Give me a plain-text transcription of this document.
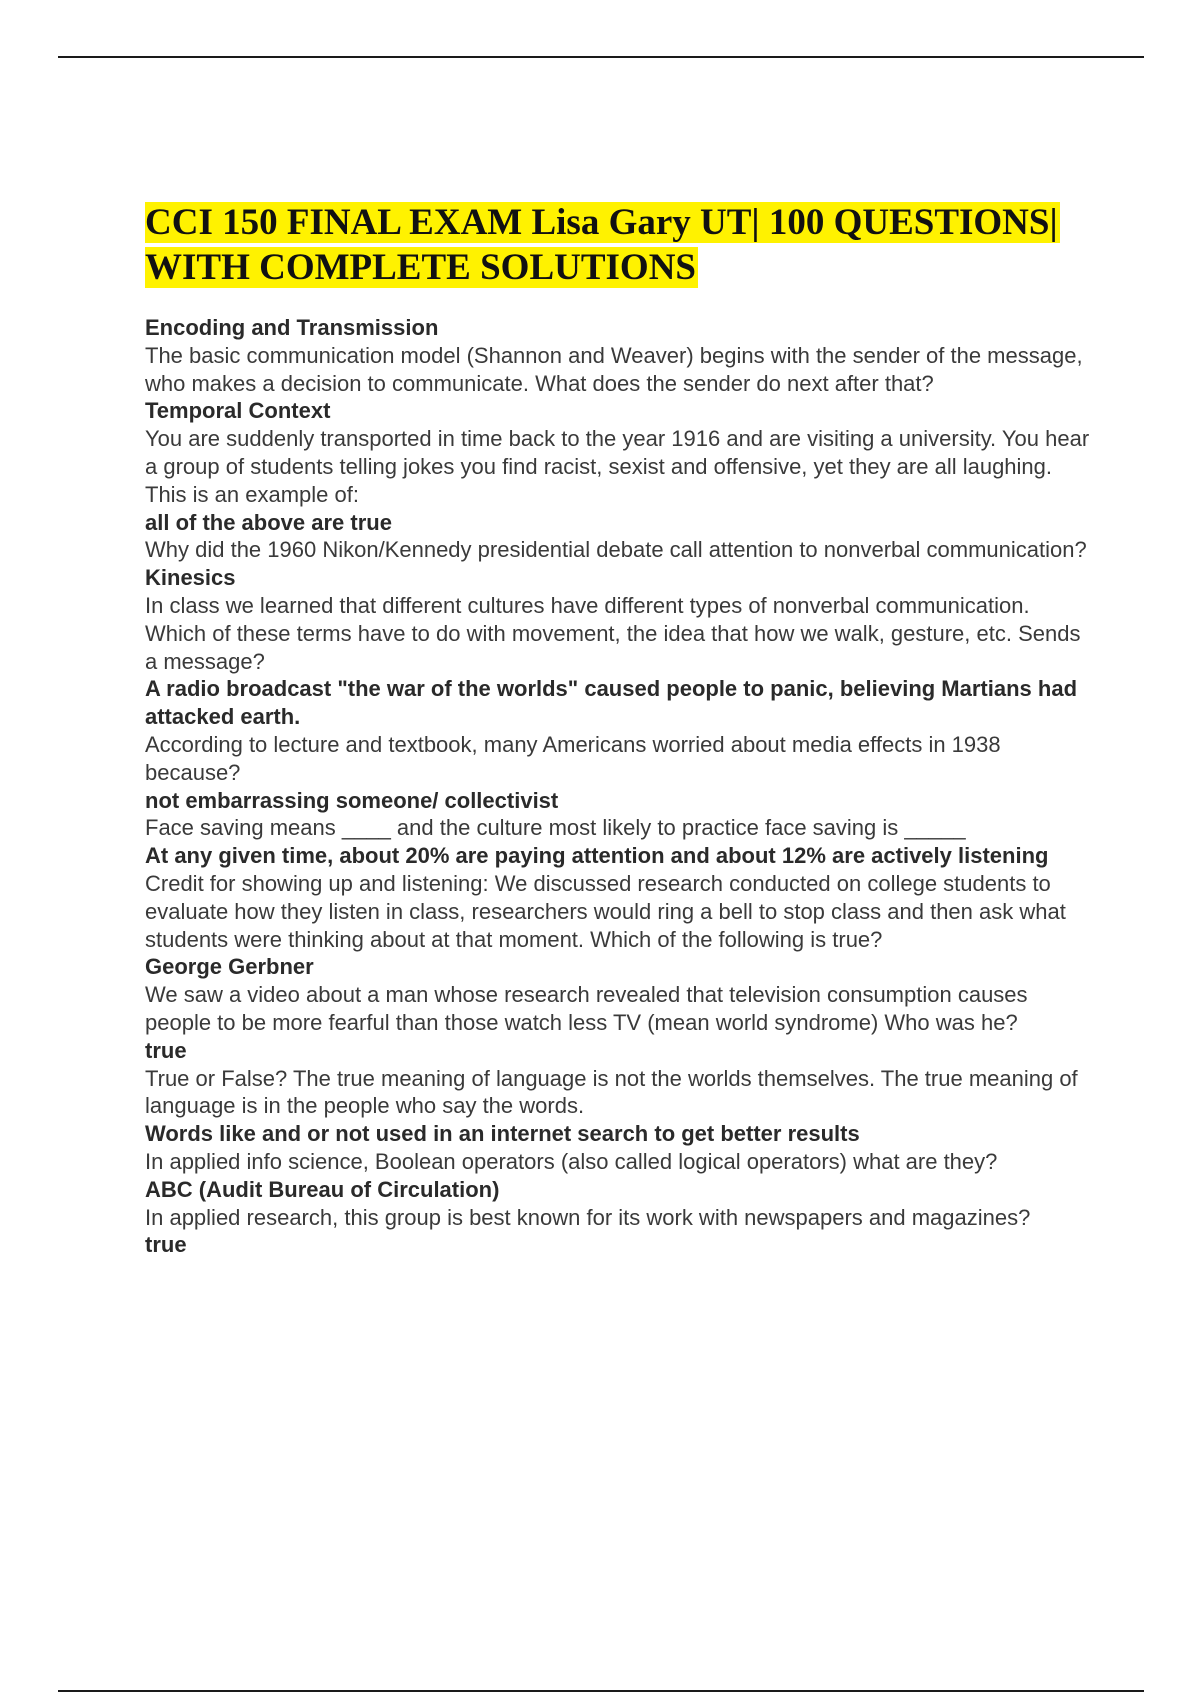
CCI 150 FINAL EXAM Lisa Gary UT| 100 QUESTIONS|
WITH COMPLETE SOLUTIONS
Encoding and Transmission
The basic communication model (Shannon and Weaver) begins with the sender of the message, who makes a decision to communicate. What does the sender do next after that?
Temporal Context
You are suddenly transported in time back to the year 1916 and are visiting a university. You hear a group of students telling jokes you find racist, sexist and offensive, yet they are all laughing. This is an example of:
all of the above are true
Why did the 1960 Nikon/Kennedy presidential debate call attention to nonverbal communication?
Kinesics
In class we learned that different cultures have different types of nonverbal communication. Which of these terms have to do with movement, the idea that how we walk, gesture, etc. Sends a message?
A radio broadcast "the war of the worlds" caused people to panic, believing Martians had attacked earth.
According to lecture and textbook, many Americans worried about media effects in 1938 because?
not embarrassing someone/ collectivist
Face saving means ____ and the culture most likely to practice face saving is _____
At any given time, about 20% are paying attention and about 12% are actively listening
Credit for showing up and listening: We discussed research conducted on college students to evaluate how they listen in class, researchers would ring a bell to stop class and then ask what students were thinking about at that moment. Which of the following is true?
George Gerbner
We saw a video about a man whose research revealed that television consumption causes people to be more fearful than those watch less TV (mean world syndrome) Who was he?
true
True or False? The true meaning of language is not the worlds themselves. The true meaning of language is in the people who say the words.
Words like and or not used in an internet search to get better results
In applied info science, Boolean operators (also called logical operators) what are they?
ABC (Audit Bureau of Circulation)
In applied research, this group is best known for its work with newspapers and magazines?
true
